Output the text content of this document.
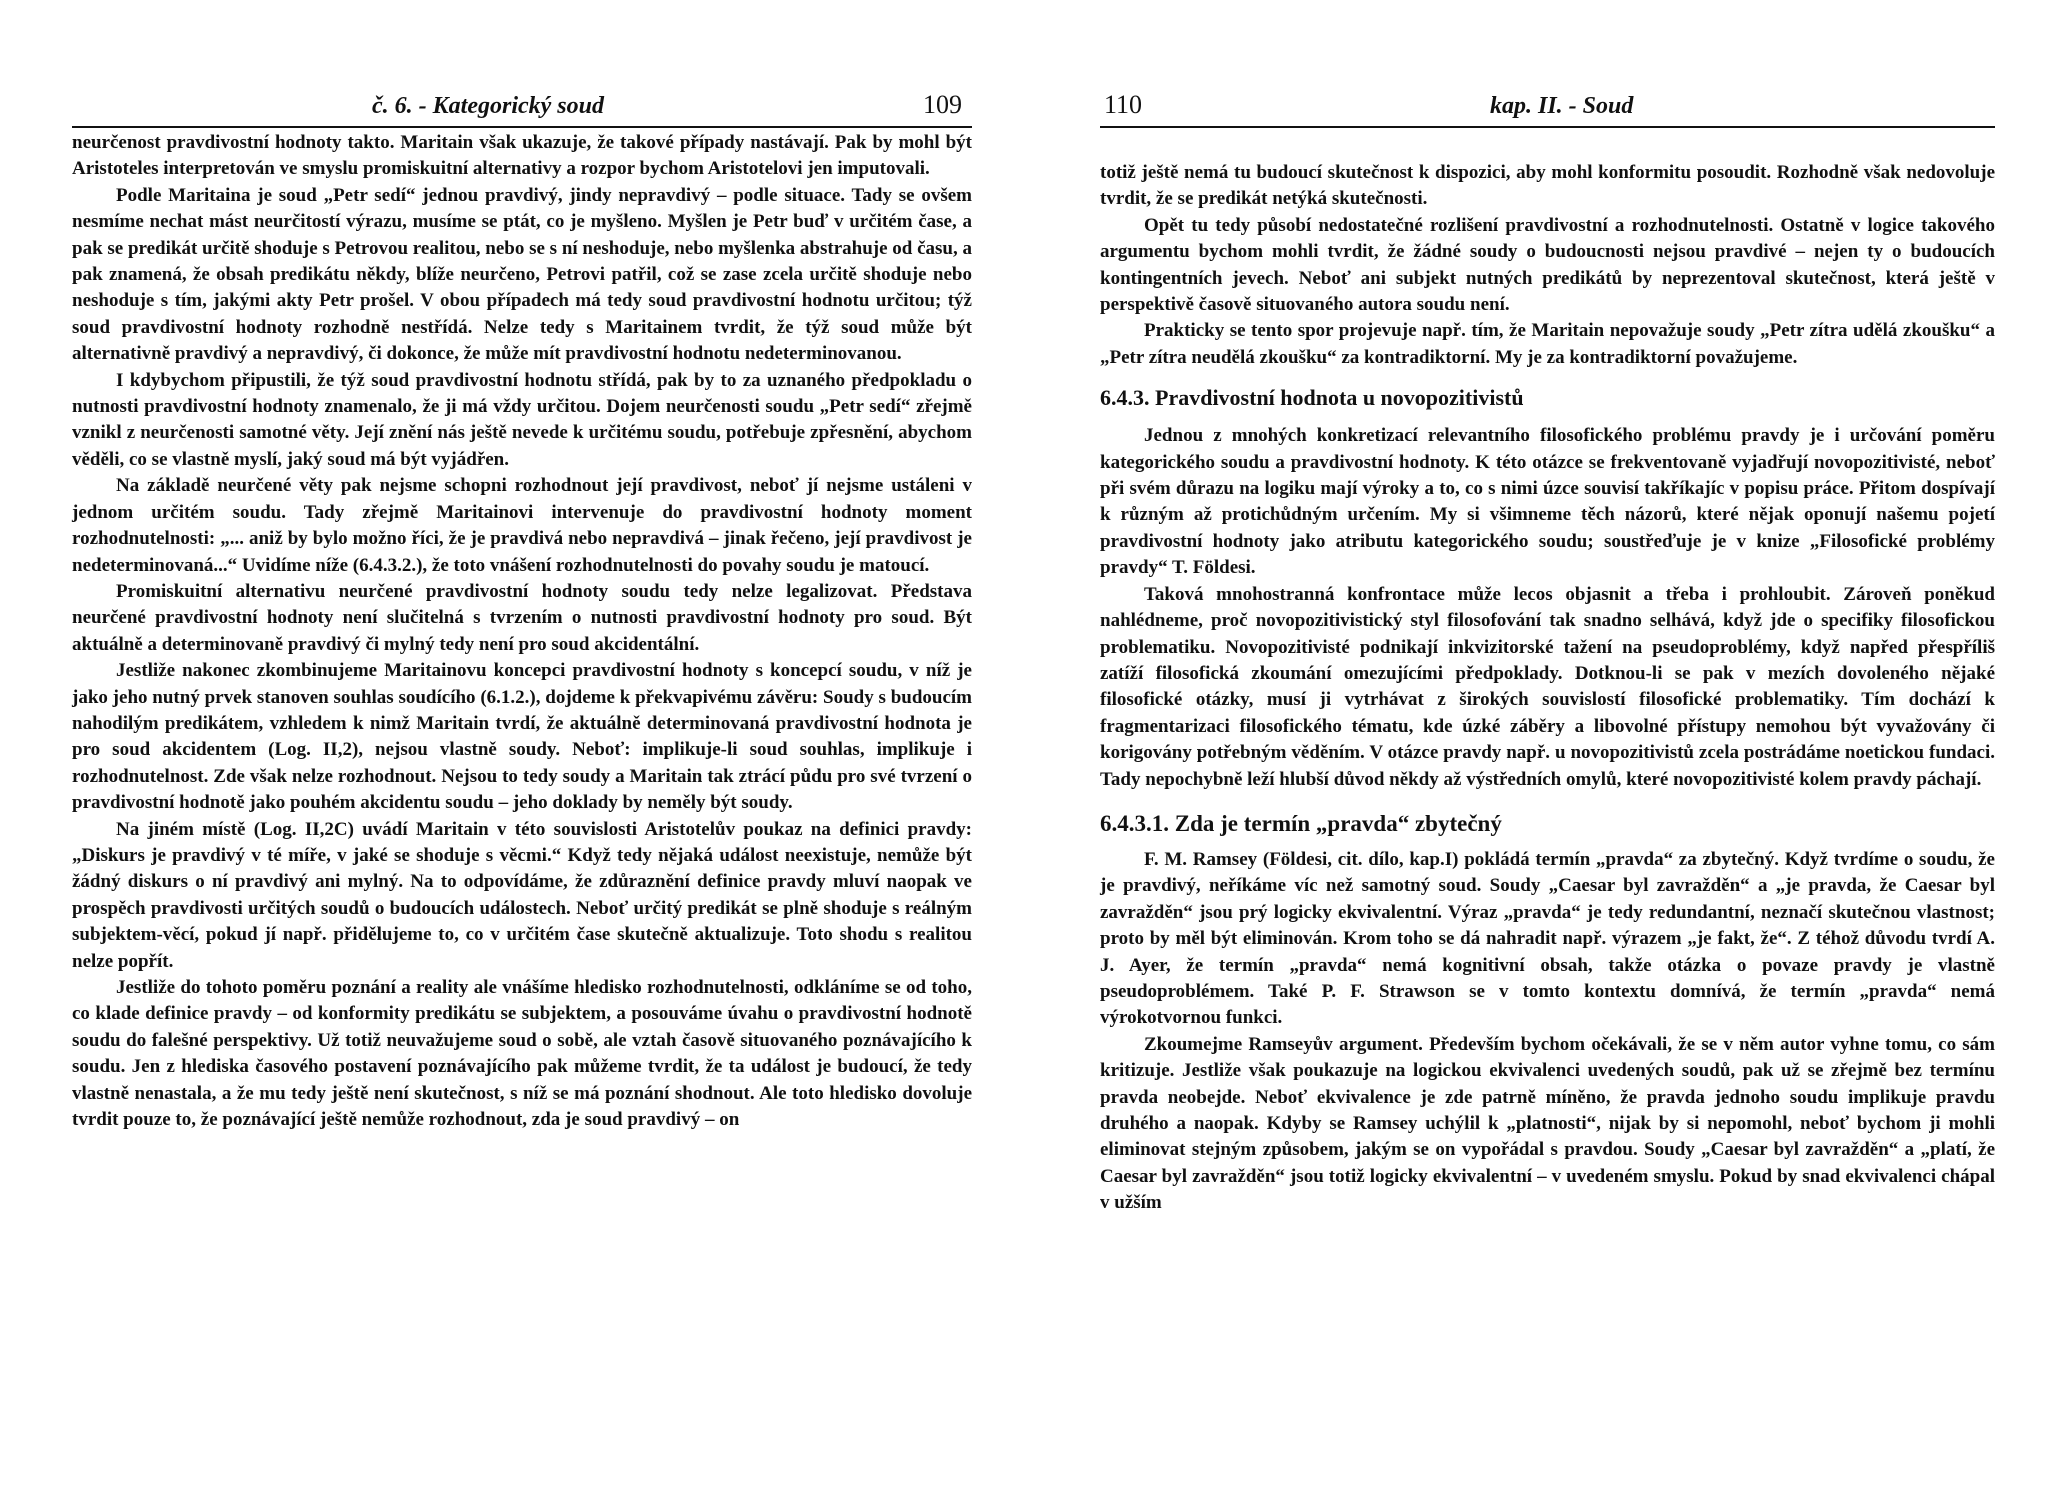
č. 6. - Kategorický soud	109

neurčenost pravdivostní hodnoty takto. Maritain však ukazuje, že takové případy nastávají. Pak by mohl být Aristoteles interpretován ve smyslu promiskuitní alternativy a rozpor bychom Aristotelovi jen imputovali.

Podle Maritaina je soud „Petr sedí“ jednou pravdivý, jindy nepravdivý – podle situace. Tady se ovšem nesmíme nechat mást neurčitostí výrazu, musíme se ptát, co je myšleno. Myšlen je Petr buď v určitém čase, a pak se predikát určitě shoduje s Petrovou realitou, nebo se s ní neshoduje, nebo myšlenka abstrahuje od času, a pak znamená, že obsah predikátu někdy, blíže neurčeno, Petrovi patřil, což se zase zcela určitě shoduje nebo neshoduje s tím, jakými akty Petr prošel. V obou případech má tedy soud pravdivostní hodnotu určitou; týž soud pravdivostní hodnoty rozhodně nestřídá. Nelze tedy s Maritainem tvrdit, že týž soud může být alternativně pravdivý a nepravdivý, či dokonce, že může mít pravdivostní hodnotu nedeterminovanou.

I kdybychom připustili, že týž soud pravdivostní hodnotu střídá, pak by to za uznaného předpokladu o nutnosti pravdivostní hodnoty znamenalo, že ji má vždy určitou. Dojem neurčenosti soudu „Petr sedí“ zřejmě vznikl z neurčenosti samotné věty. Její znění nás ještě nevede k určitému soudu, potřebuje zpřesnění, abychom věděli, co se vlastně myslí, jaký soud má být vyjádřen.

Na základě neurčené věty pak nejsme schopni rozhodnout její pravdivost, neboť jí nejsme ustáleni v jednom určitém soudu. Tady zřejmě Maritainovi intervenuje do pravdivostní hodnoty moment rozhodnutelnosti: „... aniž by bylo možno říci, že je pravdivá nebo nepravdivá – jinak řečeno, její pravdivost je nedeterminovaná...“ Uvidíme níže (6.4.3.2.), že toto vnášení rozhodnutelnosti do povahy soudu je matoucí.

Promiskuitní alternativu neurčené pravdivostní hodnoty soudu tedy nelze legalizovat. Představa neurčené pravdivostní hodnoty není slučitelná s tvrzením o nutnosti pravdivostní hodnoty pro soud. Být aktuálně a determinovaně pravdivý či mylný tedy není pro soud akcidentální.

Jestliže nakonec zkombinujeme Maritainovu koncepci pravdivostní hodnoty s koncepcí soudu, v níž je jako jeho nutný prvek stanoven souhlas soudícího (6.1.2.), dojdeme k překvapivému závěru: Soudy s budoucím nahodilým predikátem, vzhledem k nimž Maritain tvrdí, že aktuálně determinovaná pravdivostní hodnota je pro soud akcidentem (Log. II,2), nejsou vlastně soudy. Neboť: implikuje-li soud souhlas, implikuje i rozhodnutelnost. Zde však nelze rozhodnout. Nejsou to tedy soudy a Maritain tak ztrácí půdu pro své tvrzení o pravdivostní hodnotě jako pouhém akcidentu soudu – jeho doklady by neměly být soudy.

Na jiném místě (Log. II,2C) uvádí Maritain v této souvislosti Aristotelův poukaz na definici pravdy: „Diskurs je pravdivý v té míře, v jaké se shoduje s věcmi.“ Když tedy nějaká událost neexistuje, nemůže být žádný diskurs o ní pravdivý ani mylný. Na to odpovídáme, že zdůraznění definice pravdy mluví naopak ve prospěch pravdivosti určitých soudů o budoucích událostech. Neboť určitý predikát se plně shoduje s reálným subjektem-věcí, pokud jí např. přidělujeme to, co v určitém čase skutečně aktualizuje. Toto shodu s realitou nelze popřít.

Jestliže do tohoto poměru poznání a reality ale vnášíme hledisko rozhodnutelnosti, odkláníme se od toho, co klade definice pravdy – od konformity predikátu se subjektem, a posouváme úvahu o pravdivostní hodnotě soudu do falešné perspektivy. Už totiž neuvažujeme soud o sobě, ale vztah časově situovaného poznávajícího k soudu. Jen z hlediska časového postavení poznávajícího pak můžeme tvrdit, že ta událost je budoucí, že tedy vlastně nenastala, a že mu tedy ještě není skutečnost, s níž se má poznání shodnout. Ale toto hledisko dovoluje tvrdit pouze to, že poznávající ještě nemůže rozhodnout, zda je soud pravdivý – on

110	kap. II. - Soud

totiž ještě nemá tu budoucí skutečnost k dispozici, aby mohl konformitu posoudit. Rozhodně však nedovoluje tvrdit, že se predikát netýká skutečnosti.

Opět tu tedy působí nedostatečné rozlišení pravdivostní a rozhodnutelnosti. Ostatně v logice takového argumentu bychom mohli tvrdit, že žádné soudy o budoucnosti nejsou pravdivé – nejen ty o budoucích kontingentních jevech. Neboť ani subjekt nutných predikátů by neprezentoval skutečnost, která ještě v perspektivě časově situovaného autora soudu není.

Prakticky se tento spor projevuje např. tím, že Maritain nepovažuje soudy „Petr zítra udělá zkoušku“ a „Petr zítra neudělá zkoušku“ za kontradiktorní. My je za kontradiktorní považujeme.

6.4.3. Pravdivostní hodnota u novopozitivistů

Jednou z mnohých konkretizací relevantního filosofického problému pravdy je i určování poměru kategorického soudu a pravdivostní hodnoty. K této otázce se frekventovaně vyjadřují novopozitivisté, neboť při svém důrazu na logiku mají výroky a to, co s nimi úzce souvisí takříkajíc v popisu práce. Přitom dospívají k různým až protichůdným určením. My si všimneme těch názorů, které nějak oponují našemu pojetí pravdivostní hodnoty jako atributu kategorického soudu; soustřeďuje je v knize „Filosofické problémy pravdy“ T. Földesi.

Taková mnohostranná konfrontace může lecos objasnit a třeba i prohloubit. Zároveň poněkud nahlédneme, proč novopozitivistický styl filosofování tak snadno selhává, když jde o specifiky filosofickou problematiku. Novopozitivisté podnikají inkvizitorské tažení na pseudoproblémy, když napřed přespříliš zatíží filosofická zkoumání omezujícími předpoklady. Dotknou-li se pak v mezích dovoleného nějaké filosofické otázky, musí ji vytrhávat z širokých souvislostí filosofické problematiky. Tím dochází k fragmentarizaci filosofického tématu, kde úzké záběry a libovolné přístupy nemohou být vyvažovány či korigovány potřebným věděním. V otázce pravdy např. u novopozitivistů zcela postrádáme noetickou fundaci. Tady nepochybně leží hlubší důvod někdy až výstředních omylů, které novopozitivisté kolem pravdy páchají.

6.4.3.1. Zda je termín „pravda“ zbytečný

F. M. Ramsey (Földesi, cit. dílo, kap.I) pokládá termín „pravda“ za zbytečný. Když tvrdíme o soudu, že je pravdivý, neříkáme víc než samotný soud. Soudy „Caesar byl zavražděn“ a „je pravda, že Caesar byl zavražděn“ jsou prý logicky ekvivalentní. Výraz „pravda“ je tedy redundantní, neznačí skutečnou vlastnost; proto by měl být eliminován. Krom toho se dá nahradit např. výrazem „je fakt, že“. Z téhož důvodu tvrdí A. J. Ayer, že termín „pravda“ nemá kognitivní obsah, takže otázka o povaze pravdy je vlastně pseudoproblémem. Také P. F. Strawson se v tomto kontextu domnívá, že termín „pravda“ nemá výrokotvornou funkci.

Zkoumejme Ramseyův argument. Především bychom očekávali, že se v něm autor vyhne tomu, co sám kritizuje. Jestliže však poukazuje na logickou ekvivalenci uvedených soudů, pak už se zřejmě bez termínu pravda neobejde. Neboť ekvivalence je zde patrně míněno, že pravda jednoho soudu implikuje pravdu druhého a naopak. Kdyby se Ramsey uchýlil k „platnosti“, nijak by si nepomohl, neboť bychom ji mohli eliminovat stejným způsobem, jakým se on vypořádal s pravdou. Soudy „Caesar byl zavražděn“ a „platí, že Caesar byl zavražděn“ jsou totiž logicky ekvivalentní – v uvedeném smyslu. Pokud by snad ekvivalenci chápal v užším
